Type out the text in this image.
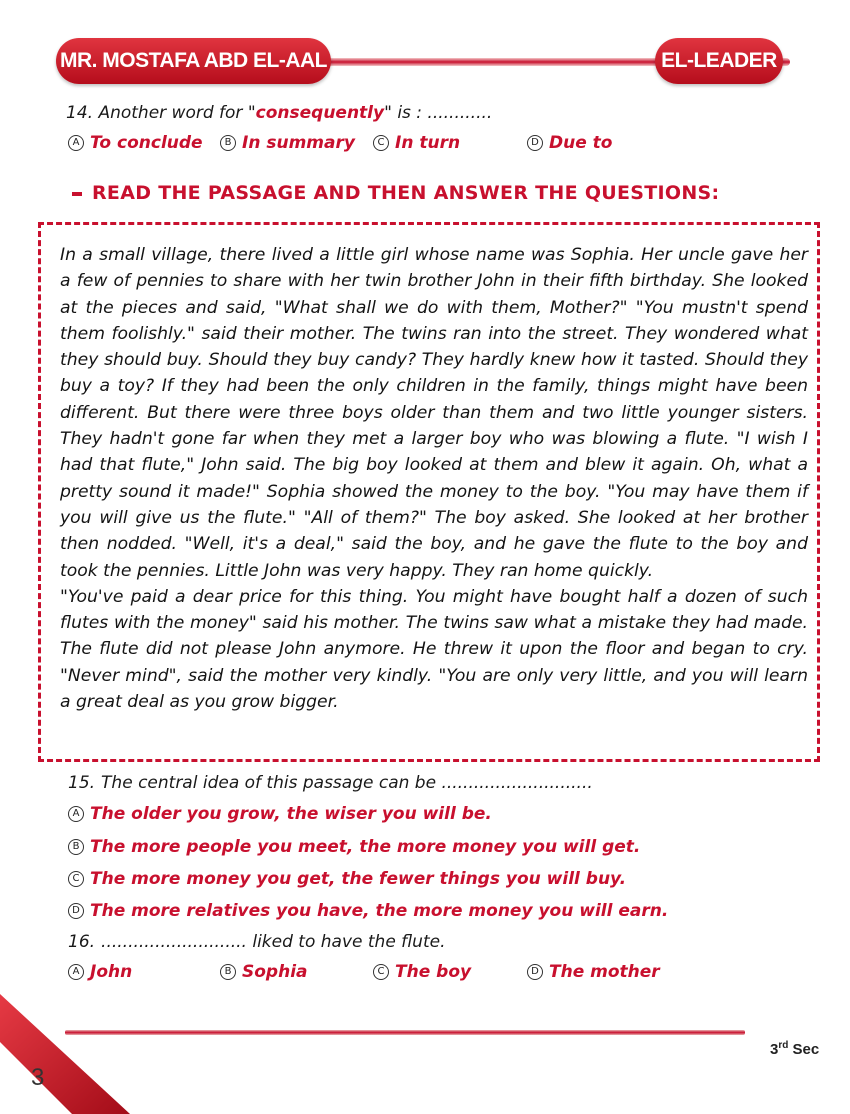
MR. MOSTAFA ABD EL-AAL	EL-LEADER
14. Another word for "consequently" is : ............
A To conclude	B In summary	C In turn	D Due to
READ THE PASSAGE AND THEN ANSWER THE QUESTIONS:

In a small village, there lived a little girl whose name was Sophia. Her uncle gave her a few of pennies to share with her twin brother John in their fifth birthday. She looked at the pieces and said, "What shall we do with them, Mother?" "You mustn't spend them foolishly." said their mother. The twins ran into the street. They wondered what they should buy. Should they buy candy? They hardly knew how it tasted. Should they buy a toy? If they had been the only children in the family, things might have been different. But there were three boys older than them and two little younger sisters. They hadn't gone far when they met a larger boy who was blowing a flute. "I wish I had that flute," John said. The big boy looked at them and blew it again. Oh, what a pretty sound it made!" Sophia showed the money to the boy. "You may have them if you will give us the flute." "All of them?" The boy asked. She looked at her brother then nodded. "Well, it's a deal," said the boy, and he gave the flute to the boy and took the pennies. Little John was very happy. They ran home quickly.

"You've paid a dear price for this thing. You might have bought half a dozen of such flutes with the money" said his mother. The twins saw what a mistake they had made. The flute did not please John anymore. He threw it upon the floor and began to cry. "Never mind", said the mother very kindly. "You are only very little, and you will learn a great deal as you grow bigger.

15. The central idea of this passage can be ............................
A The older you grow, the wiser you will be.
B The more people you meet, the more money you will get.
C The more money you get, the fewer things you will buy.
D The more relatives you have, the more money you will earn.
16. ........................... liked to have the flute.
A John	B Sophia	C The boy	D The mother
3
3rd Sec
